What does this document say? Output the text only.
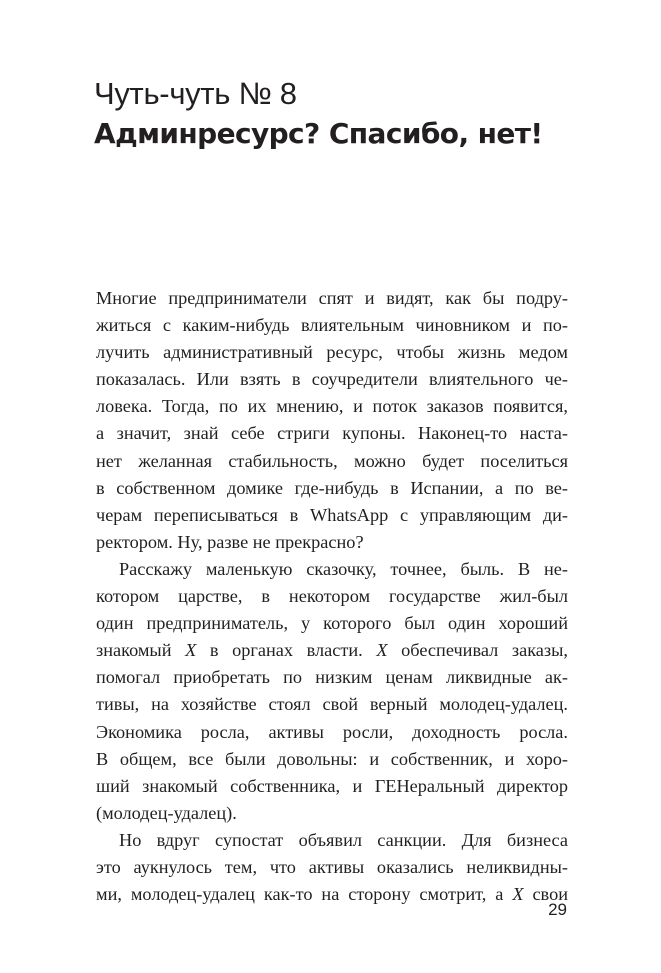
Чуть-чуть № 8
Админресурс? Спасибо, нет!
Многие предприниматели спят и видят, как бы подру-
житься с каким-нибудь влиятельным чиновником и по-
лучить административный ресурс, чтобы жизнь медом
показалась. Или взять в соучредители влиятельного че-
ловека. Тогда, по их мнению, и поток заказов появится,
а значит, знай себе стриги купоны. Наконец-то наста-
нет желанная стабильность, можно будет поселиться
в собственном домике где-нибудь в Испании, а по ве-
черам переписываться в WhatsApp с управляющим ди-
ректором. Ну, разве не прекрасно?
Расскажу маленькую сказочку, точнее, быль. В не-
котором царстве, в некотором государстве жил-был
один предприниматель, у которого был один хороший
знакомый X в органах власти. X обеспечивал заказы,
помогал приобретать по низким ценам ликвидные ак-
тивы, на хозяйстве стоял свой верный молодец-удалец.
Экономика росла, активы росли, доходность росла.
В общем, все были довольны: и собственник, и хоро-
ший знакомый собственника, и ГЕНеральный директор
(молодец-удалец).
Но вдруг супостат объявил санкции. Для бизнеса
это аукнулось тем, что активы оказались неликвидны-
ми, молодец-удалец как-то на сторону смотрит, а X свои
29
